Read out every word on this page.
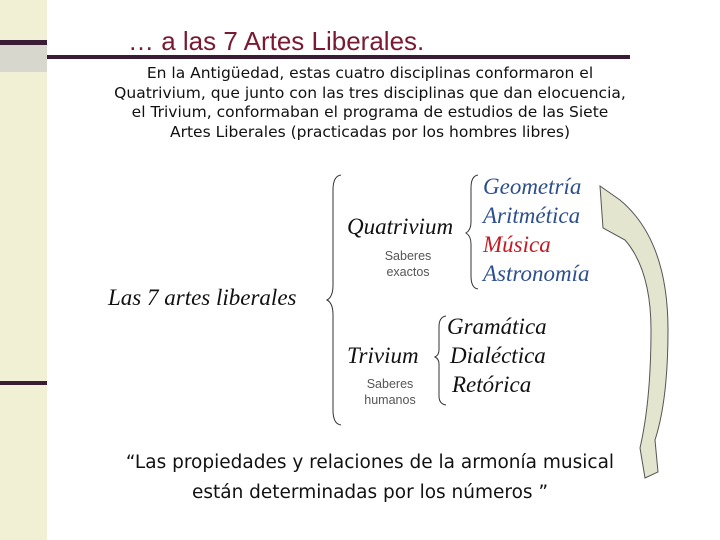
… a las 7 Artes Liberales.
En la Antigüedad, estas cuatro disciplinas conformaron el
Quatrivium, que junto con las tres disciplinas que dan elocuencia,
el Trivium, conformaban el programa de estudios de las Siete
Artes Liberales (practicadas por los hombres libres)
Las 7 artes liberales
Quatrivium
Saberes
exactos
Geometría
Aritmética
Música
Astronomía
Trivium
Saberes
humanos
Gramática
Dialéctica
Retórica
“Las propiedades y relaciones de la armonía musical
están determinadas por los números ”
